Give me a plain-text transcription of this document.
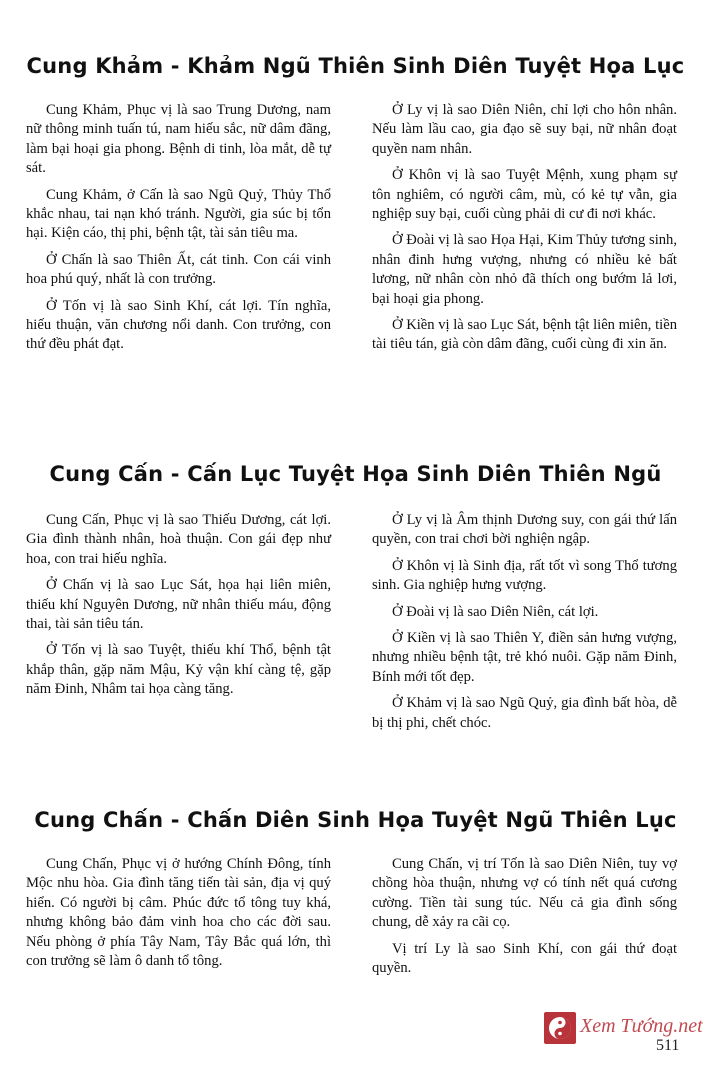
Cung Khảm - Khảm Ngũ Thiên Sinh Diên Tuyệt Họa Lục

Cung Khảm, Phục vị là sao Trung Dương, nam nữ thông minh tuấn tú, nam hiếu sắc, nữ dâm đãng, làm bại hoại gia phong. Bệnh di tinh, lòa mắt, dễ tự sát.

Cung Khảm, ở Cấn là sao Ngũ Quỷ, Thủy Thổ khắc nhau, tai nạn khó tránh. Người, gia súc bị tổn hại. Kiện cáo, thị phi, bệnh tật, tài sản tiêu ma.

Ở Chấn là sao Thiên Ất, cát tinh. Con cái vinh hoa phú quý, nhất là con trưởng.

Ở Tốn vị là sao Sinh Khí, cát lợi. Tín nghĩa, hiếu thuận, văn chương nổi danh. Con trưởng, con thứ đều phát đạt.

Ở Ly vị là sao Diên Niên, chỉ lợi cho hôn nhân. Nếu làm lầu cao, gia đạo sẽ suy bại, nữ nhân đoạt quyền nam nhân.

Ở Khôn vị là sao Tuyệt Mệnh, xung phạm sự tôn nghiêm, có người câm, mù, có kẻ tự vẫn, gia nghiệp suy bại, cuối cùng phải di cư đi nơi khác.

Ở Đoài vị là sao Họa Hại, Kim Thủy tương sinh, nhân đinh hưng vượng, nhưng có nhiều kẻ bất lương, nữ nhân còn nhỏ đã thích ong bướm lả lơi, bại hoại gia phong.

Ở Kiền vị là sao Lục Sát, bệnh tật liên miên, tiền tài tiêu tán, già còn dâm đãng, cuối cùng đi xin ăn.

Cung Cấn - Cấn Lục Tuyệt Họa Sinh Diên Thiên Ngũ

Cung Cấn, Phục vị là sao Thiếu Dương, cát lợi. Gia đình thành nhân, hoà thuận. Con gái đẹp như hoa, con trai hiếu nghĩa.

Ở Chấn vị là sao Lục Sát, họa hại liên miên, thiếu khí Nguyên Dương, nữ nhân thiếu máu, động thai, tài sản tiêu tán.

Ở Tốn vị là sao Tuyệt, thiếu khí Thổ, bệnh tật khắp thân, gặp năm Mậu, Kỷ vận khí càng tệ, gặp năm Đinh, Nhâm tai họa càng tăng.

Ở Ly vị là Âm thịnh Dương suy, con gái thứ lấn quyền, con trai chơi bời nghiện ngập.

Ở Khôn vị là Sinh địa, rất tốt vì song Thổ tương sinh. Gia nghiệp hưng vượng.

Ở Đoài vị là sao Diên Niên, cát lợi.

Ở Kiền vị là sao Thiên Y, điền sản hưng vượng, nhưng nhiều bệnh tật, trẻ khó nuôi. Gặp năm Đinh, Bính mới tốt đẹp.

Ở Khảm vị là sao Ngũ Quỷ, gia đình bất hòa, dễ bị thị phi, chết chóc.

Cung Chấn - Chấn Diên Sinh Họa Tuyệt Ngũ Thiên Lục

Cung Chấn, Phục vị ở hướng Chính Đông, tính Mộc nhu hòa. Gia đình tăng tiến tài sản, địa vị quý hiển. Có người bị câm. Phúc đức tổ tông tuy khá, nhưng không bảo đảm vinh hoa cho các đời sau. Nếu phòng ở phía Tây Nam, Tây Bắc quá lớn, thì con trưởng sẽ làm ô danh tổ tông.

Cung Chấn, vị trí Tốn là sao Diên Niên, tuy vợ chồng hòa thuận, nhưng vợ có tính nết quá cương cường. Tiền tài sung túc. Nếu cả gia đình sống chung, dễ xảy ra cãi cọ.

Vị trí Ly là sao Sinh Khí, con gái thứ đoạt quyền.

Xem Tướng.net
511
